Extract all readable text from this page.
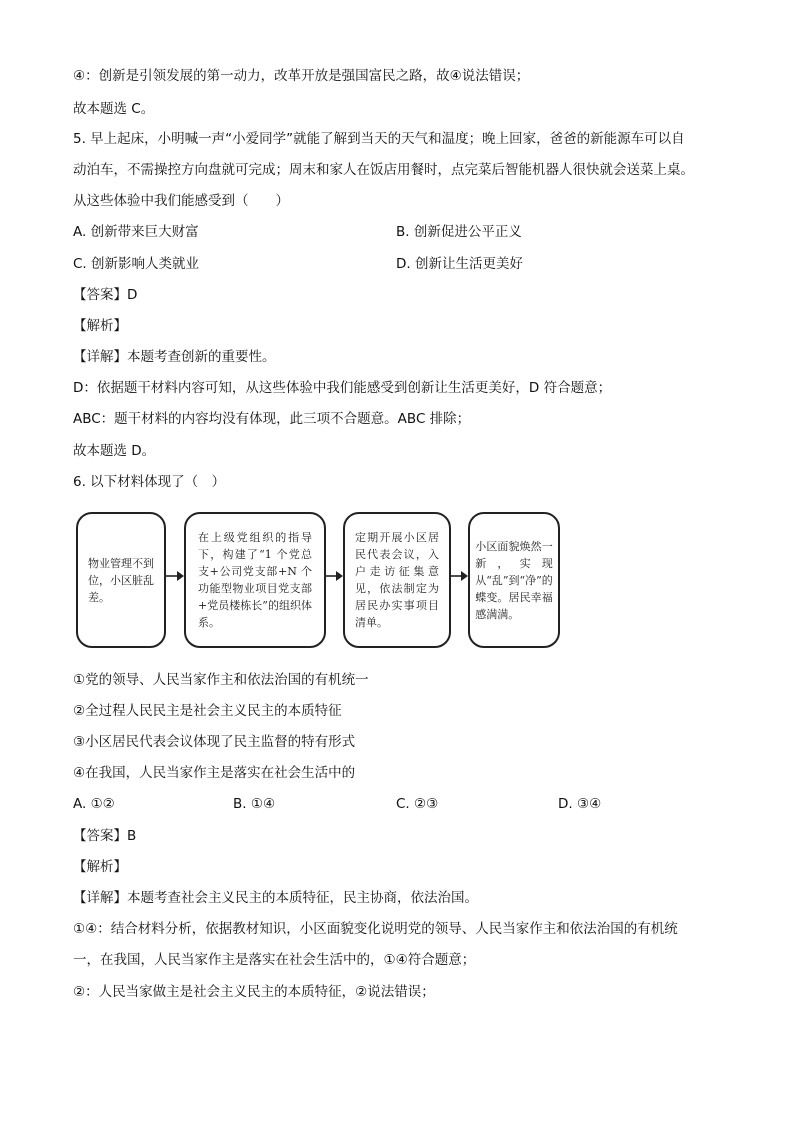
④：创新是引领发展的第一动力，改革开放是强国富民之路，故④说法错误；
故本题选 C。
5. 早上起床，小明喊一声“小爱同学”就能了解到当天的天气和温度；晚上回家，爸爸的新能源车可以自
动泊车，不需操控方向盘就可完成；周末和家人在饭店用餐时，点完菜后智能机器人很快就会送菜上桌。
从这些体验中我们能感受到（　　）
A. 创新带来巨大财富	B. 创新促进公平正义
C. 创新影响人类就业	D. 创新让生活更美好
【答案】D
【解析】
【详解】本题考查创新的重要性。
D：依据题干材料内容可知，从这些体验中我们能感受到创新让生活更美好，D 符合题意；
ABC：题干材料的内容均没有体现，此三项不合题意。ABC 排除；
故本题选 D。
6. 以下材料体现了（　）
物业管理不到位，小区脏乱差。
在上级党组织的指导下，构建了“1 个党总支+公司党支部+N 个功能型物业项目党支部+党员楼栋长”的组织体系。
定期开展小区居民代表会议，入户走访征集意见，依法制定为居民办实事项目清单。
小区面貌焕然一新，实现从“乱”到“净”的蝶变。居民幸福感满满。
①党的领导、人民当家作主和依法治国的有机统一
②全过程人民民主是社会主义民主的本质特征
③小区居民代表会议体现了民主监督的特有形式
④在我国，人民当家作主是落实在社会生活中的
A. ①②	B. ①④	C. ②③	D. ③④
【答案】B
【解析】
【详解】本题考查社会主义民主的本质特征，民主协商，依法治国。
①④：结合材料分析，依据教材知识，小区面貌变化说明党的领导、人民当家作主和依法治国的有机统
一，在我国，人民当家作主是落实在社会生活中的，①④符合题意；
②：人民当家做主是社会主义民主的本质特征，②说法错误；
